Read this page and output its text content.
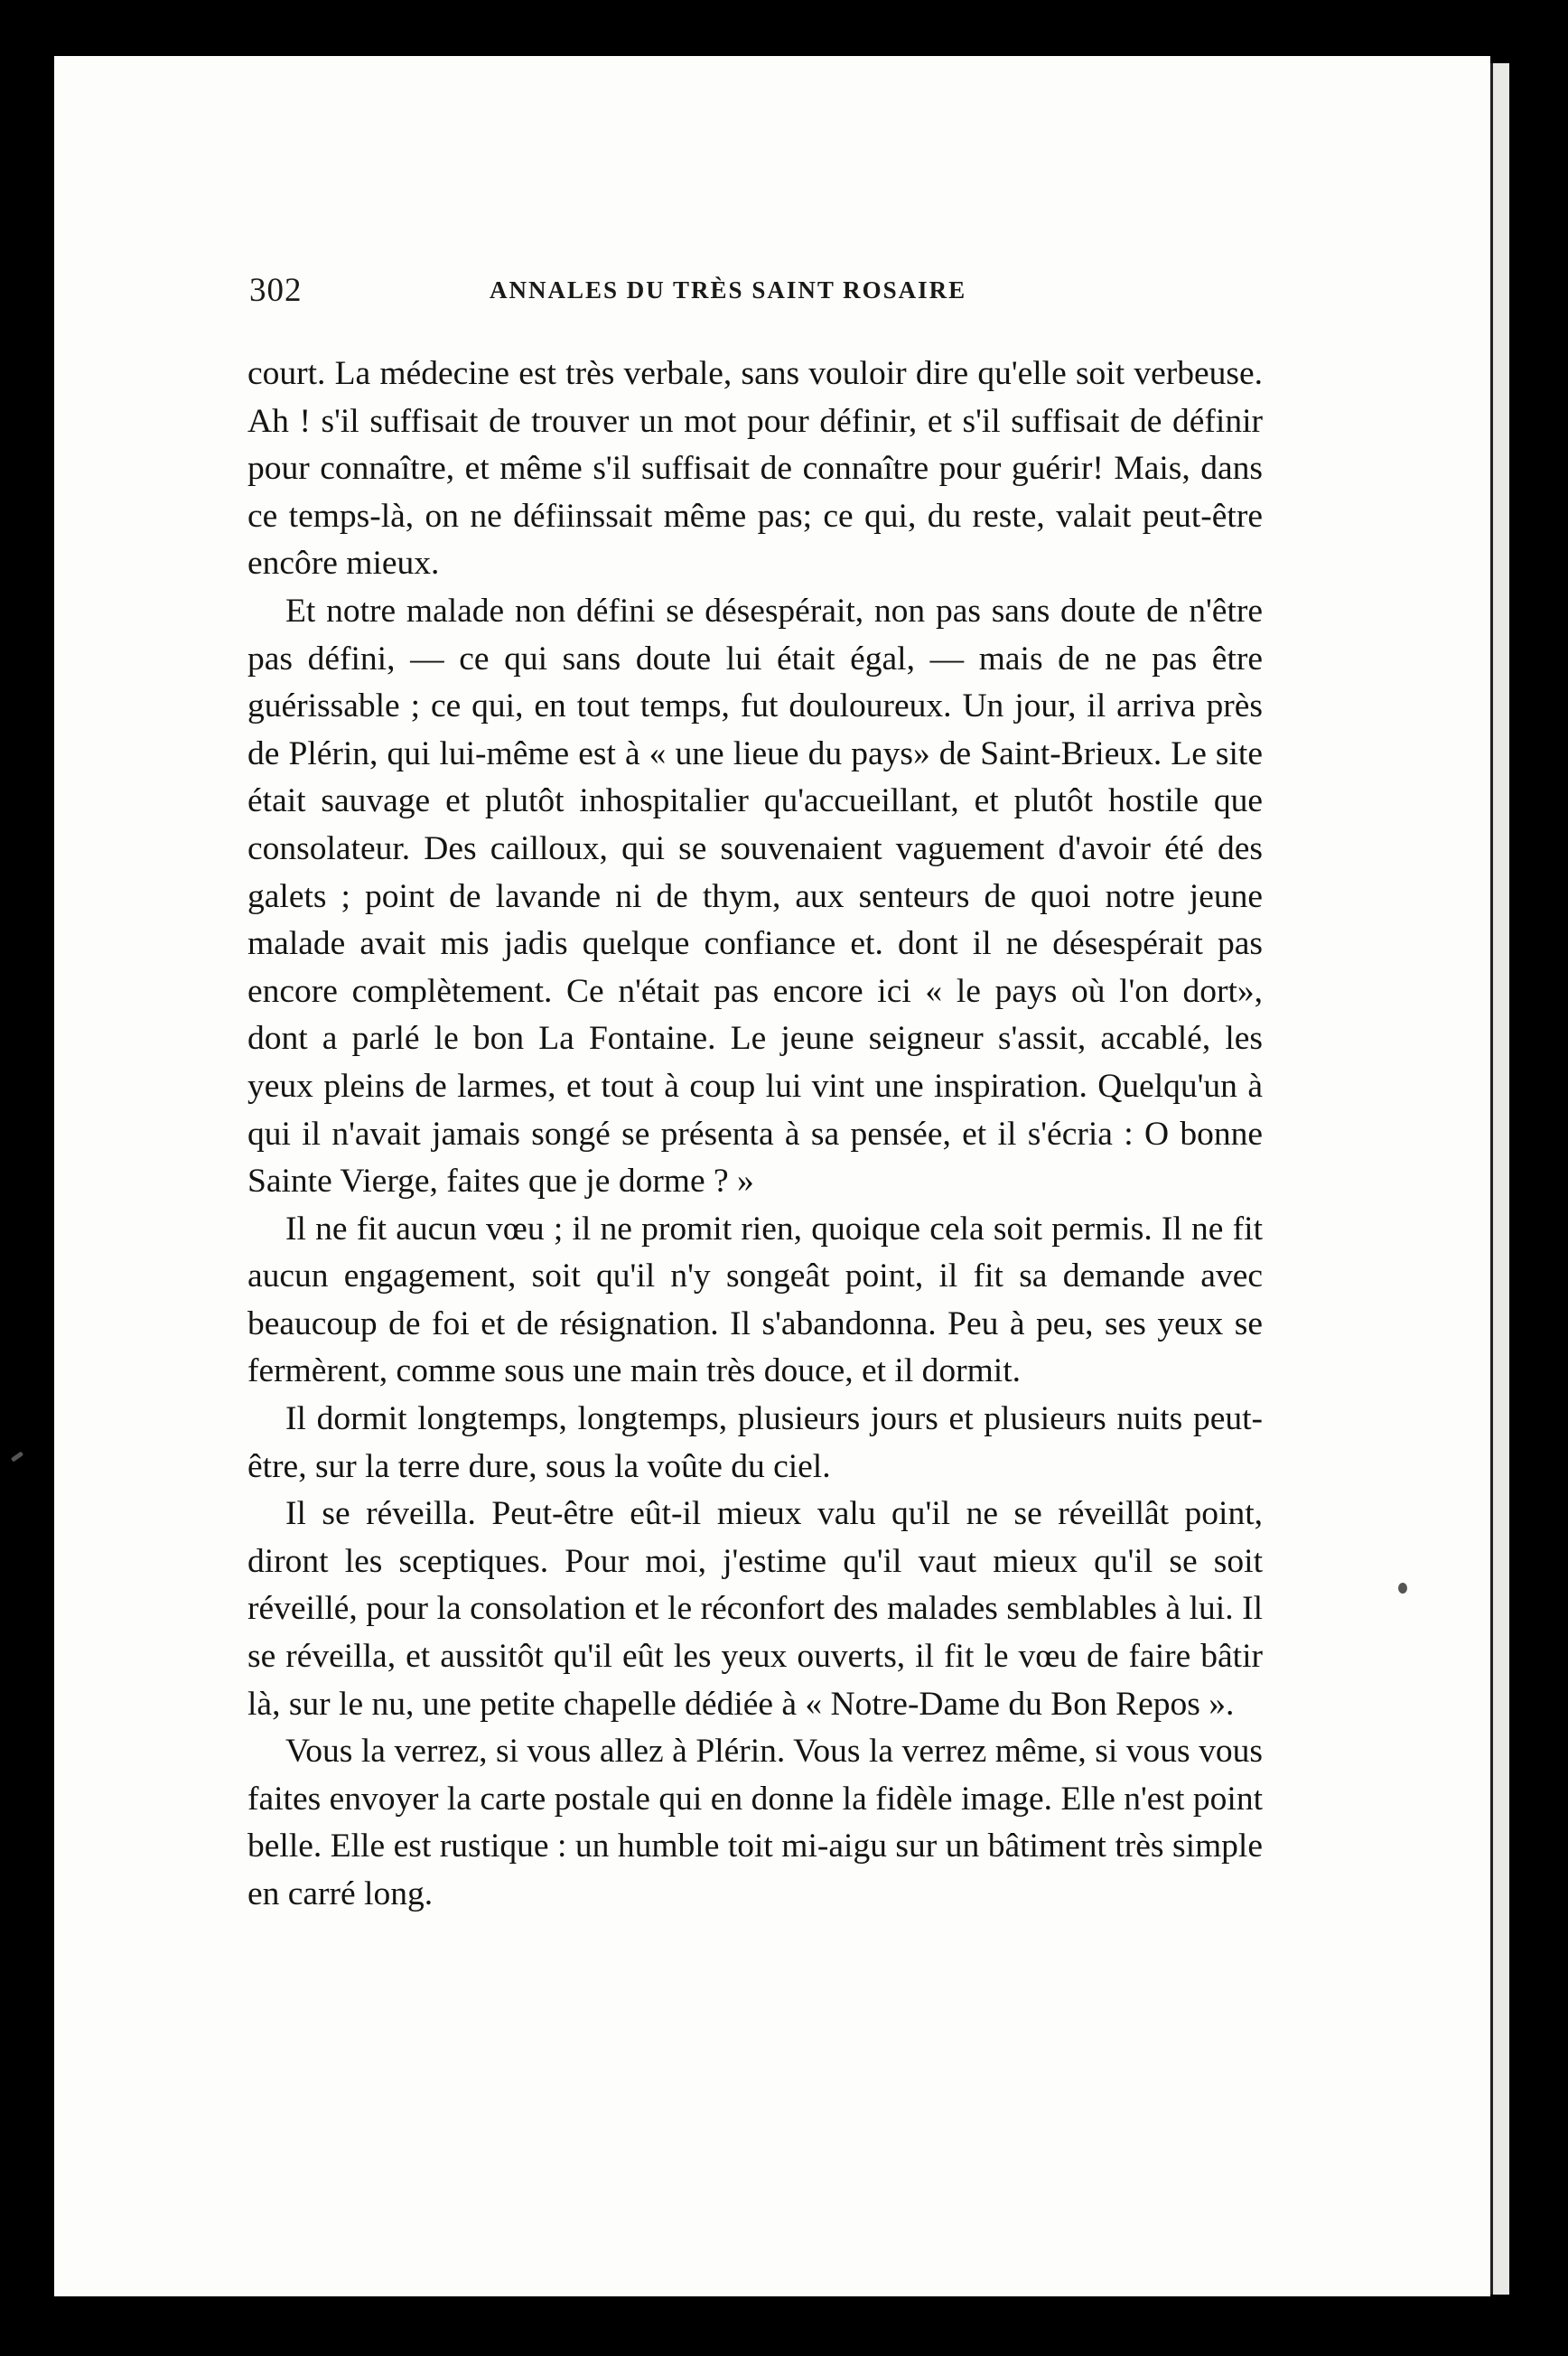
302	ANNALES DU TRÈS SAINT ROSAIRE

court. La médecine est très verbale, sans vouloir dire qu'elle soit verbeuse. Ah ! s'il suffisait de trouver un mot pour définir, et s'il suffisait de définir pour connaître, et même s'il suffisait de connaître pour guérir! Mais, dans ce temps-là, on ne défiinssait même pas; ce qui, du reste, valait peut-être encôre mieux.

Et notre malade non défini se désespérait, non pas sans doute de n'être pas défini, — ce qui sans doute lui était égal, — mais de ne pas être guérissable ; ce qui, en tout temps, fut douloureux. Un jour, il arriva près de Plérin, qui lui-même est à « une lieue du pays» de Saint-Brieux. Le site était sauvage et plutôt inhospitalier qu'accueillant, et plutôt hostile que consolateur. Des cailloux, qui se souvenaient vaguement d'avoir été des galets ; point de lavande ni de thym, aux senteurs de quoi notre jeune malade avait mis jadis quelque confiance et. dont il ne désespérait pas encore complètement. Ce n'était pas encore ici « le pays où l'on dort», dont a parlé le bon La Fontaine. Le jeune seigneur s'assit, accablé, les yeux pleins de larmes, et tout à coup lui vint une inspiration. Quelqu'un à qui il n'avait jamais songé se présenta à sa pensée, et il s'écria : O bonne Sainte Vierge, faites que je dorme ? »

Il ne fit aucun vœu ; il ne promit rien, quoique cela soit permis. Il ne fit aucun engagement, soit qu'il n'y songeât point, il fit sa demande avec beaucoup de foi et de résignation. Il s'abandonna. Peu à peu, ses yeux se fermèrent, comme sous une main très douce, et il dormit.

Il dormit longtemps, longtemps, plusieurs jours et plusieurs nuits peut-être, sur la terre dure, sous la voûte du ciel.

Il se réveilla. Peut-être eût-il mieux valu qu'il ne se réveillât point, diront les sceptiques. Pour moi, j'estime qu'il vaut mieux qu'il se soit réveillé, pour la consolation et le réconfort des malades semblables à lui. Il se réveilla, et aussitôt qu'il eût les yeux ouverts, il fit le vœu de faire bâtir là, sur le nu, une petite chapelle dédiée à « Notre-Dame du Bon Repos ».

Vous la verrez, si vous allez à Plérin. Vous la verrez même, si vous vous faites envoyer la carte postale qui en donne la fidèle image. Elle n'est point belle. Elle est rustique : un humble toit mi-aigu sur un bâtiment très simple en carré long.
